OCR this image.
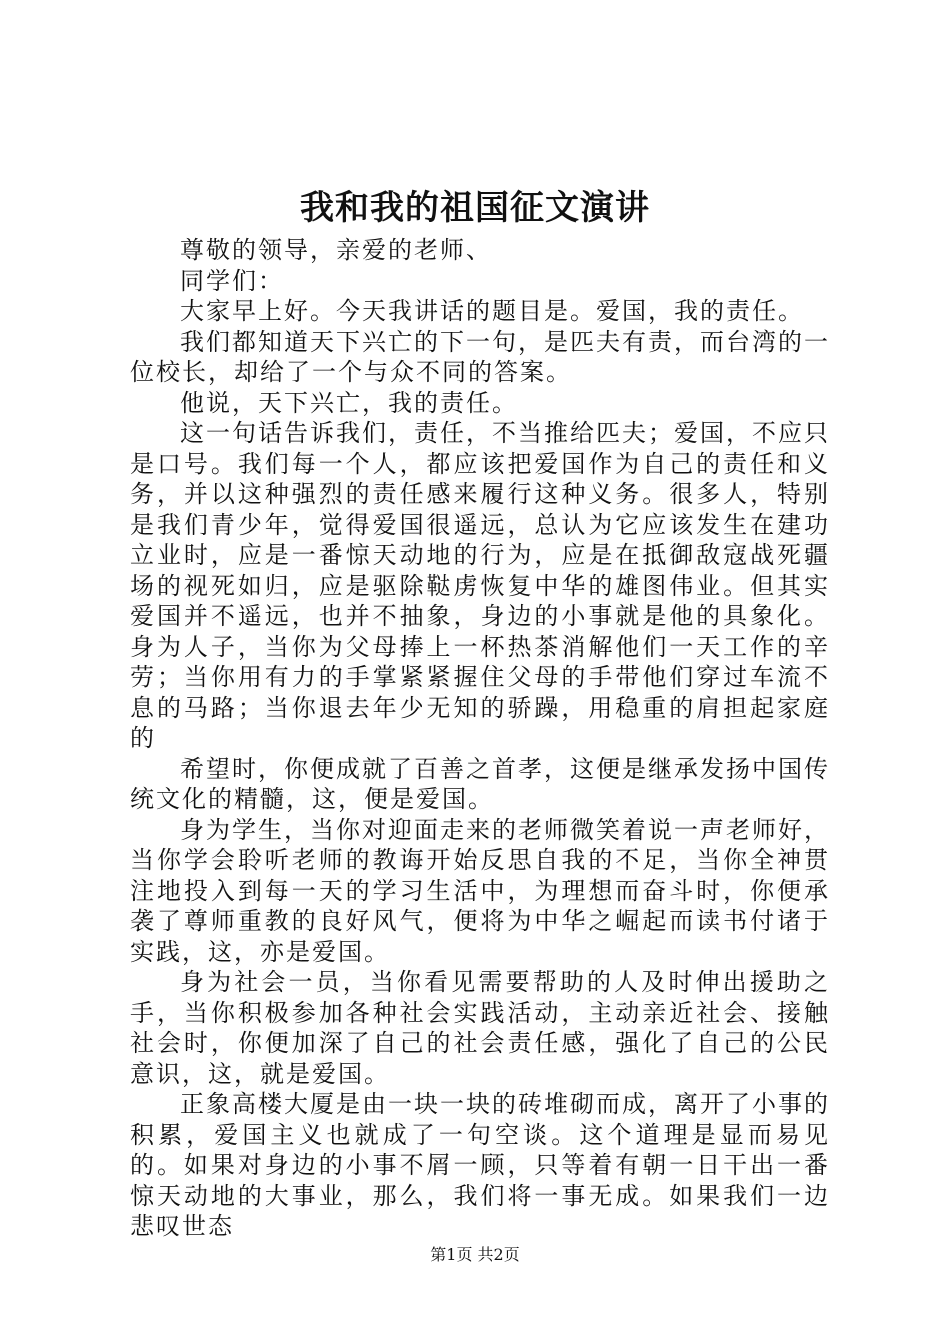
我和我的祖国征文演讲

尊敬的领导，亲爱的老师、

同学们：

大家早上好。今天我讲话的题目是。爱国，我的责任。

我们都知道天下兴亡的下一句，是匹夫有责，而台湾的一位校长，却给了一个与众不同的答案。

他说，天下兴亡，我的责任。

这一句话告诉我们，责任，不当推给匹夫；爱国，不应只是口号。我们每一个人，都应该把爱国作为自己的责任和义务，并以这种强烈的责任感来履行这种义务。很多人，特别是我们青少年，觉得爱国很遥远，总认为它应该发生在建功立业时，应是一番惊天动地的行为，应是在抵御敌寇战死疆场的视死如归，应是驱除鞑虏恢复中华的雄图伟业。但其实爱国并不遥远，也并不抽象，身边的小事就是他的具象化。身为人子，当你为父母捧上一杯热茶消解他们一天工作的辛劳；当你用有力的手掌紧紧握住父母的手带他们穿过车流不息的马路；当你退去年少无知的骄躁，用稳重的肩担起家庭的

希望时，你便成就了百善之首孝，这便是继承发扬中国传统文化的精髓，这，便是爱国。

身为学生，当你对迎面走来的老师微笑着说一声老师好，当你学会聆听老师的教诲开始反思自我的不足，当你全神贯注地投入到每一天的学习生活中，为理想而奋斗时，你便承袭了尊师重教的良好风气，便将为中华之崛起而读书付诸于实践，这，亦是爱国。

身为社会一员，当你看见需要帮助的人及时伸出援助之手，当你积极参加各种社会实践活动，主动亲近社会、接触社会时，你便加深了自己的社会责任感，强化了自己的公民意识，这，就是爱国。

正象高楼大厦是由一块一块的砖堆砌而成，离开了小事的积累，爱国主义也就成了一句空谈。这个道理是显而易见的。如果对身边的小事不屑一顾，只等着有朝一日干出一番惊天动地的大事业，那么，我们将一事无成。如果我们一边悲叹世态

第1页 共2页
